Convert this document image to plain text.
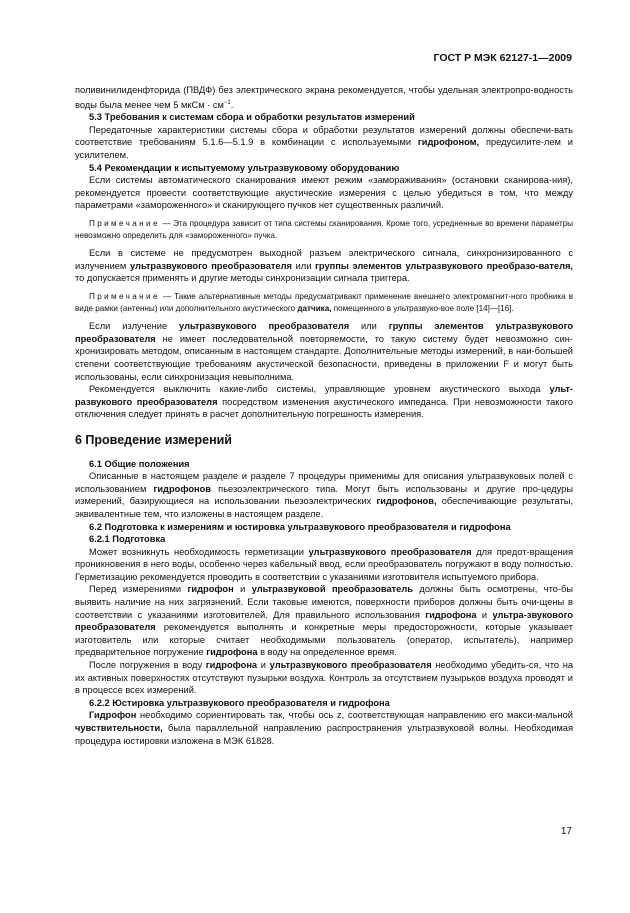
ГОСТ Р МЭК 62127-1—2009

поливинилиденфторида (ПВДФ) без электрического экрана рекомендуется, чтобы удельная электропро-водность воды была менее чем 5 мкСм · $см^{-1}$.

5.3 Требования к системам сбора и обработки результатов измерений

Передаточные характеристики системы сбора и обработки результатов измерений должны обеспечи-вать соответствие требованиям 5.1.6—5.1.9 в комбинации с используемыми гидрофоном, предусилите-лем и усилителем.

5.4 Рекомендации к испытуемому ультразвуковому оборудованию

Если системы автоматического сканирования имеют режим «замораживания» (остановки сканирова-ния), рекомендуется провести соответствующие акустические измерения с целью убедиться в том, что между параметрами «замороженного» и сканирующего пучков нет существенных различий.

Примечание — Эта процедура зависит от типа системы сканирования. Кроме того, усредненные во времени параметры невозможно определить для «замороженного» пучка.

Если в системе не предусмотрен выходной разъем электрического сигнала, синхронизированного с излучением ультразвукового преобразователя или группы элементов ультразвукового преобразо-вателя, то допускается применять и другие методы синхронизации сигнала триггера.

Примечание — Такие альтернативные методы предусматривают применение внешнего электромагнит-ного пробника в виде рамки (антенны) или дополнительного акустического датчика, помещенного в ультразвуко-вое поле [14]—[16].

Если излучение ультразвукового преобразователя или группы элементов ультразвукового преобразователя не имеет последовательной повторяемости, то такую систему будет невозможно син-хронизировать методом, описанным в настоящем стандарте. Дополнительные методы измерений, в наи-большей степени соответствующие требованиям акустической безопасности, приведены в приложении F и могут быть использованы, если синхронизация невыполнима.

Рекомендуется выключить какие-либо системы, управляющие уровнем акустического выхода ульт-развукового преобразователя посредством изменения акустического импеданса. При невозможности такого отключения следует принять в расчет дополнительную погрешность измерения.

6 Проведение измерений

6.1 Общие положения

Описанные в настоящем разделе и разделе 7 процедуры применимы для описания ультразвуковых полей с использованием гидрофонов пьезоэлектрического типа. Могут быть использованы и другие про-цедуры измерений, базирующиеся на использовании пьезоэлектрических гидрофонов, обеспечивающие результаты, эквивалентные тем, что изложены в настоящем разделе.

6.2 Подготовка к измерениям и юстировка ультразвукового преобразователя и гидрофона

6.2.1 Подготовка

Может возникнуть необходимость герметизации ультразвукового преобразователя для предот-вращения проникновения в него воды, особенно через кабельный ввод, если преобразователь погружают в воду полностью. Герметизацию рекомендуется проводить в соответствии с указаниями изготовителя испытуемого прибора.

Перед измерениями гидрофон и ультразвуковой преобразователь должны быть осмотрены, что-бы выявить наличие на них загрязнений. Если таковые имеются, поверхности приборов должны быть очи-щены в соответствии с указаниями изготовителей. Для правильного использования гидрофона и ультра-звукового преобразователя рекомендуется выполнять и конкретные меры предосторожности, которые указывает изготовитель или которые считает необходимыми пользователь (оператор, испытатель), например предварительное погружение гидрофона в воду на определенное время.

После погружения в воду гидрофона и ультразвукового преобразователя необходимо убедить-ся, что на их активных поверхностях отсутствуют пузырьки воздуха. Контроль за отсутствием пузырьков воздуха проводят и в процессе всех измерений.

6.2.2 Юстировка ультразвукового преобразователя и гидрофона

Гидрофон необходимо сориентировать так, чтобы ось z, соответствующая направлению его макси-мальной чувствительности, была параллельной направлению распространения ультразвуковой волны. Необходимая процедура юстировки изложена в МЭК 61828.

17
